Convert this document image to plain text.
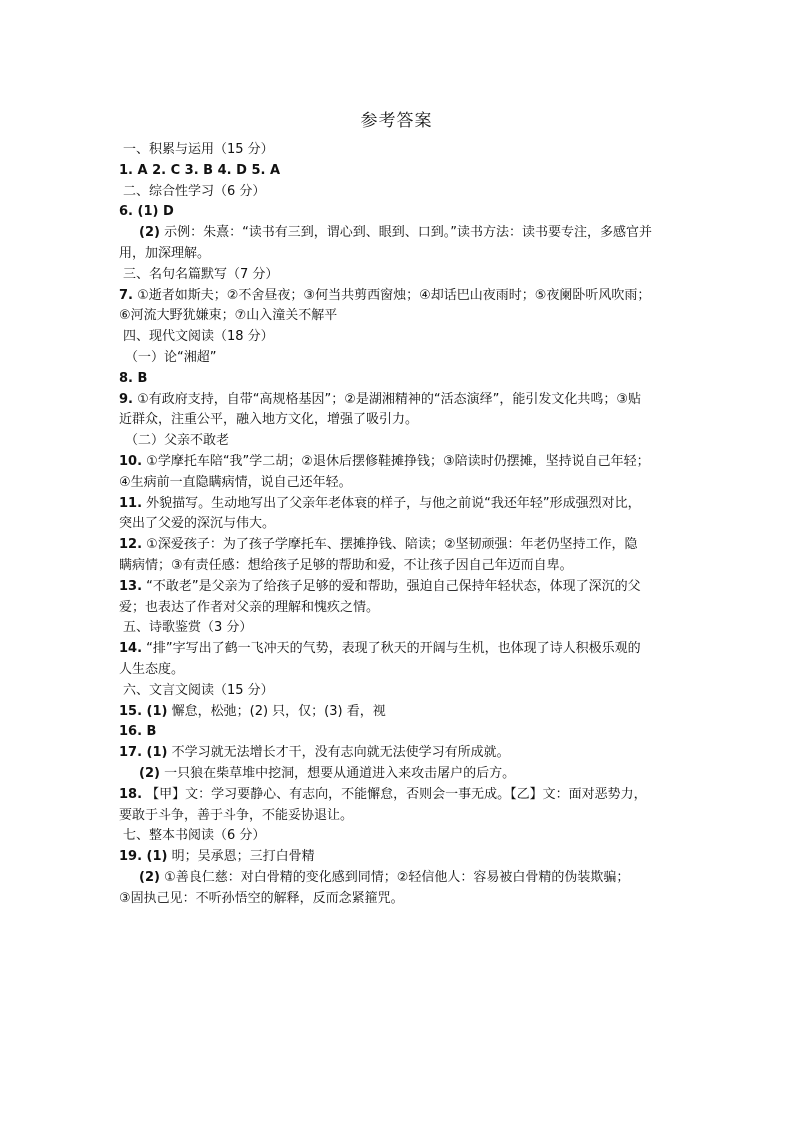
参考答案
一、积累与运用（15 分）
1. A 2. C 3. B 4. D 5. A
二、综合性学习（6 分）
6. (1) D
(2) 示例：朱熹：“读书有三到，谓心到、眼到、口到。”读书方法：读书要专注，多感官并
用，加深理解。
三、名句名篇默写（7 分）
7. ①逝者如斯夫；②不舍昼夜；③何当共剪西窗烛；④却话巴山夜雨时；⑤夜阑卧听风吹雨；
⑥河流大野犹嫌束；⑦山入潼关不解平
四、现代文阅读（18 分）
（一）论“湘超”
8. B
9. ①有政府支持，自带“高规格基因”；②是湖湘精神的“活态演绎”，能引发文化共鸣；③贴
近群众，注重公平，融入地方文化，增强了吸引力。
（二）父亲不敢老
10. ①学摩托车陪“我”学二胡；②退休后摆修鞋摊挣钱；③陪读时仍摆摊，坚持说自己年轻；
④生病前一直隐瞒病情，说自己还年轻。
11. 外貌描写。生动地写出了父亲年老体衰的样子，与他之前说“我还年轻”形成强烈对比，
突出了父爱的深沉与伟大。
12. ①深爱孩子：为了孩子学摩托车、摆摊挣钱、陪读；②坚韧顽强：年老仍坚持工作，隐
瞒病情；③有责任感：想给孩子足够的帮助和爱，不让孩子因自己年迈而自卑。
13. “不敢老”是父亲为了给孩子足够的爱和帮助，强迫自己保持年轻状态，体现了深沉的父
爱；也表达了作者对父亲的理解和愧疚之情。
五、诗歌鉴赏（3 分）
14. “排”字写出了鹤一飞冲天的气势，表现了秋天的开阔与生机，也体现了诗人积极乐观的
人生态度。
六、文言文阅读（15 分）
15. (1) 懈怠，松弛；(2) 只，仅；(3) 看，视
16. B
17. (1) 不学习就无法增长才干，没有志向就无法使学习有所成就。
(2) 一只狼在柴草堆中挖洞，想要从通道进入来攻击屠户的后方。
18. 【甲】文：学习要静心、有志向，不能懈怠，否则会一事无成。【乙】文：面对恶势力，
要敢于斗争，善于斗争，不能妥协退让。
七、整本书阅读（6 分）
19. (1) 明；吴承恩；三打白骨精
(2) ①善良仁慈：对白骨精的变化感到同情；②轻信他人：容易被白骨精的伪装欺骗；
③固执己见：不听孙悟空的解释，反而念紧箍咒。
